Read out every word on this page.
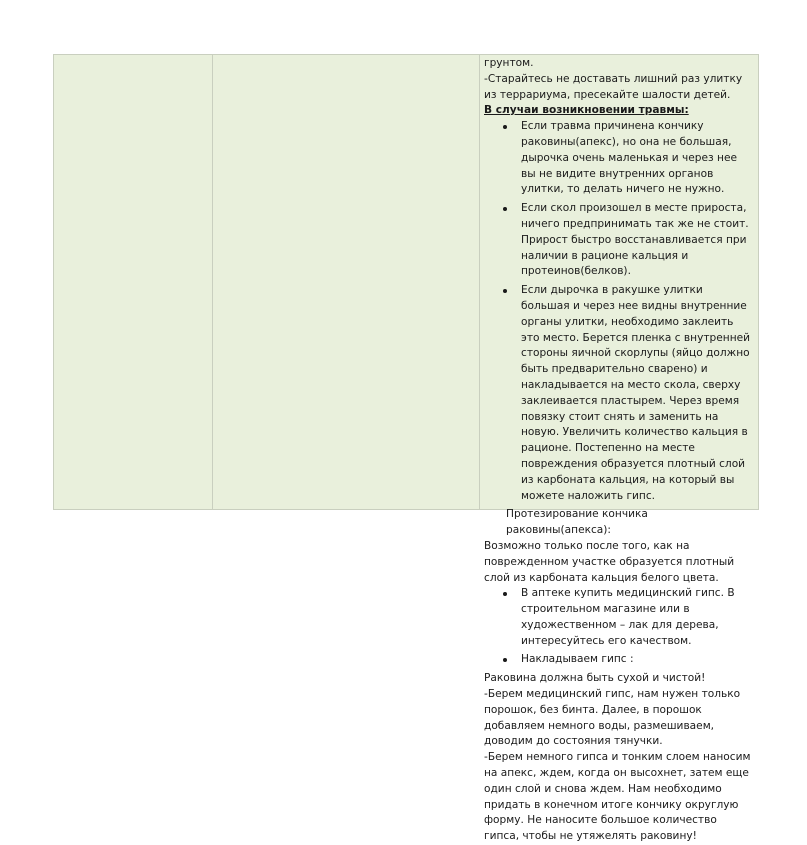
грунтом.

-Старайтесь не доставать лишний раз улитку из террариума, пресекайте шалости детей.

В случаи возникновении травмы:

Если травма причинена кончику раковины(апекс), но она не большая, дырочка очень маленькая и через нее вы не видите внутренних органов улитки, то делать ничего не нужно.
Если скол произошел в месте прироста, ничего предпринимать так же не стоит. Прирост быстро восстанавливается при наличии в рационе кальция и протеинов(белков).
Если дырочка в ракушке улитки большая и через нее видны внутренние органы улитки, необходимо заклеить это место. Берется пленка с внутренней стороны яичной скорлупы (яйцо должно быть предварительно сварено) и накладывается на место скола, сверху заклеивается пластырем. Через время повязку стоит снять и заменить на новую. Увеличить количество кальция в рационе. Постепенно на месте повреждения образуется плотный слой из карбоната кальция, на который вы можете наложить гипс.

Протезирование кончика раковины(апекса):

Возможно только после того, как на поврежденном участке образуется плотный слой из карбоната кальция белого цвета.

В аптеке купить медицинский гипс. В строительном магазине или в художественном – лак для дерева, интересуйтесь его качеством.
Накладываем гипс :

Раковина должна быть сухой и чистой!

-Берем медицинский гипс, нам нужен только порошок, без бинта. Далее, в порошок добавляем немного воды, размешиваем, доводим до состояния тянучки.

-Берем немного гипса и тонким слоем наносим на апекс, ждем, когда он высохнет, затем еще один слой и снова ждем. Нам необходимо придать в конечном итоге кончику округлую форму. Не наносите большое количество гипса, чтобы не утяжелять раковину!
